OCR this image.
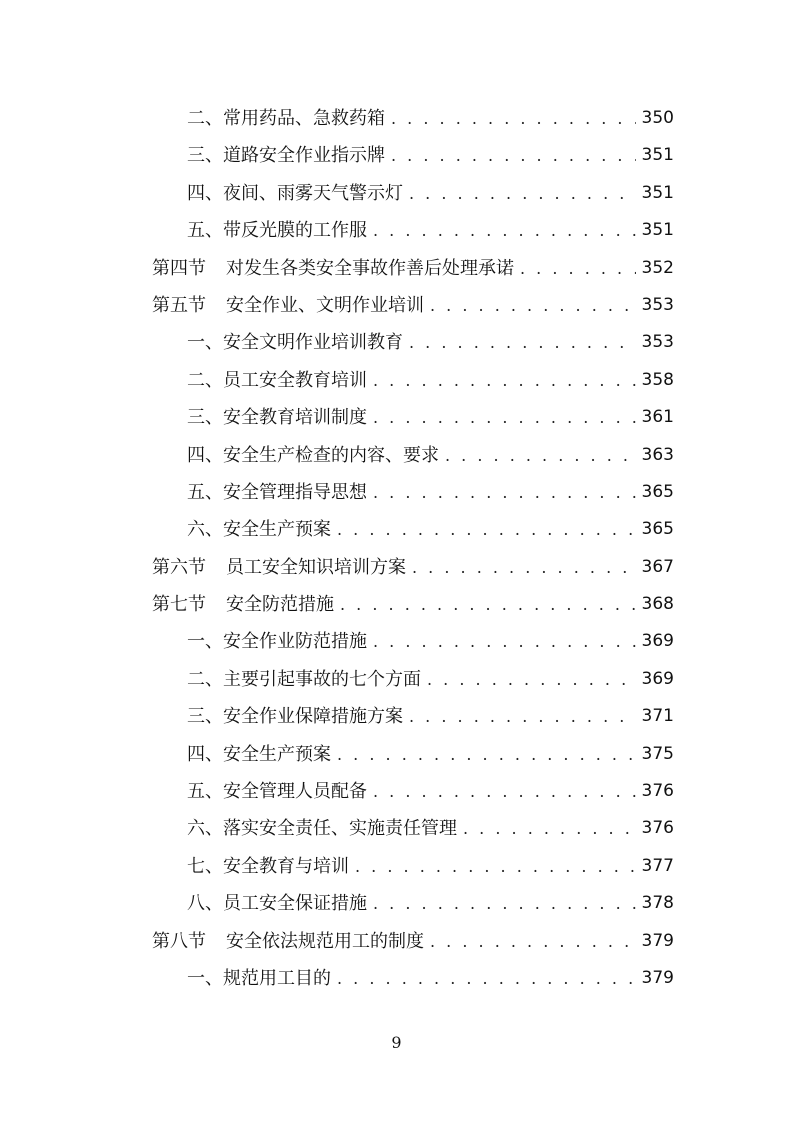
二、常用药品、急救药箱 . . .	350
三、道路安全作业指示牌 . . .	351
四、夜间、雨雾天气警示灯 . . .	351
五、带反光膜的工作服 . . .	351
第四节 对发生各类安全事故作善后处理承诺 . . .	352
第五节 安全作业、文明作业培训 . . .	353
一、安全文明作业培训教育 . . .	353
二、员工安全教育培训 . . .	358
三、安全教育培训制度 . . .	361
四、安全生产检查的内容、要求 . . .	363
五、安全管理指导思想 . . .	365
六、安全生产预案 . . .	365
第六节 员工安全知识培训方案 . . .	367
第七节 安全防范措施 . . .	368
一、安全作业防范措施 . . .	369
二、主要引起事故的七个方面 . . .	369
三、安全作业保障措施方案 . . .	371
四、安全生产预案 . . .	375
五、安全管理人员配备 . . .	376
六、落实安全责任、实施责任管理 . . .	376
七、安全教育与培训 . . .	377
八、员工安全保证措施 . . .	378
第八节 安全依法规范用工的制度 . . .	379
一、规范用工目的 . . .	379
9
